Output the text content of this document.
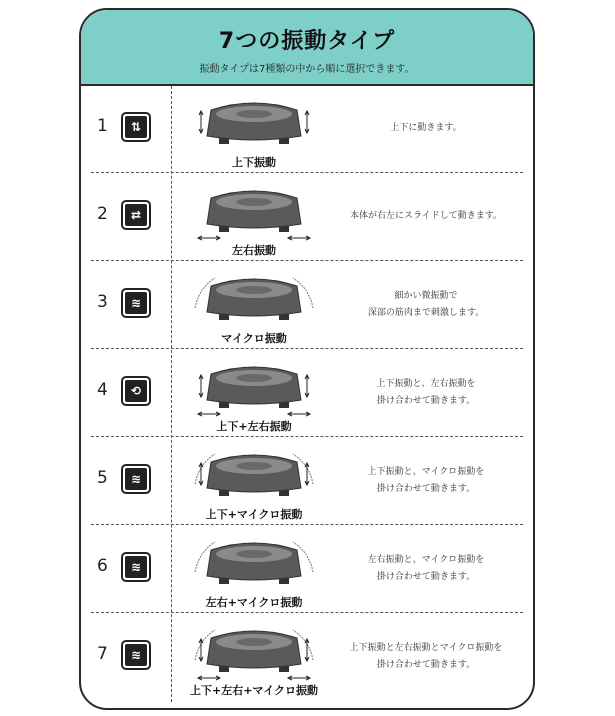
7つの振動タイプ
振動タイプは7種類の中から順に選択できます。
1	⇅
上下振動
上下に動きます。
2	⇄
左右振動
本体が右左にスライドして動きます。
3	≋
マイクロ振動
細かい微振動で
深部の筋肉まで刺激します。
4	⟲
上下+左右振動
上下振動と、左右振動を
掛け合わせて動きます。
5	≋
上下+マイクロ振動
上下振動と、マイクロ振動を
掛け合わせて動きます。
6	≋
左右+マイクロ振動
左右振動と、マイクロ振動を
掛け合わせて動きます。
7	≋
上下+左右+マイクロ振動
上下振動と左右振動とマイクロ振動を
掛け合わせて動きます。
